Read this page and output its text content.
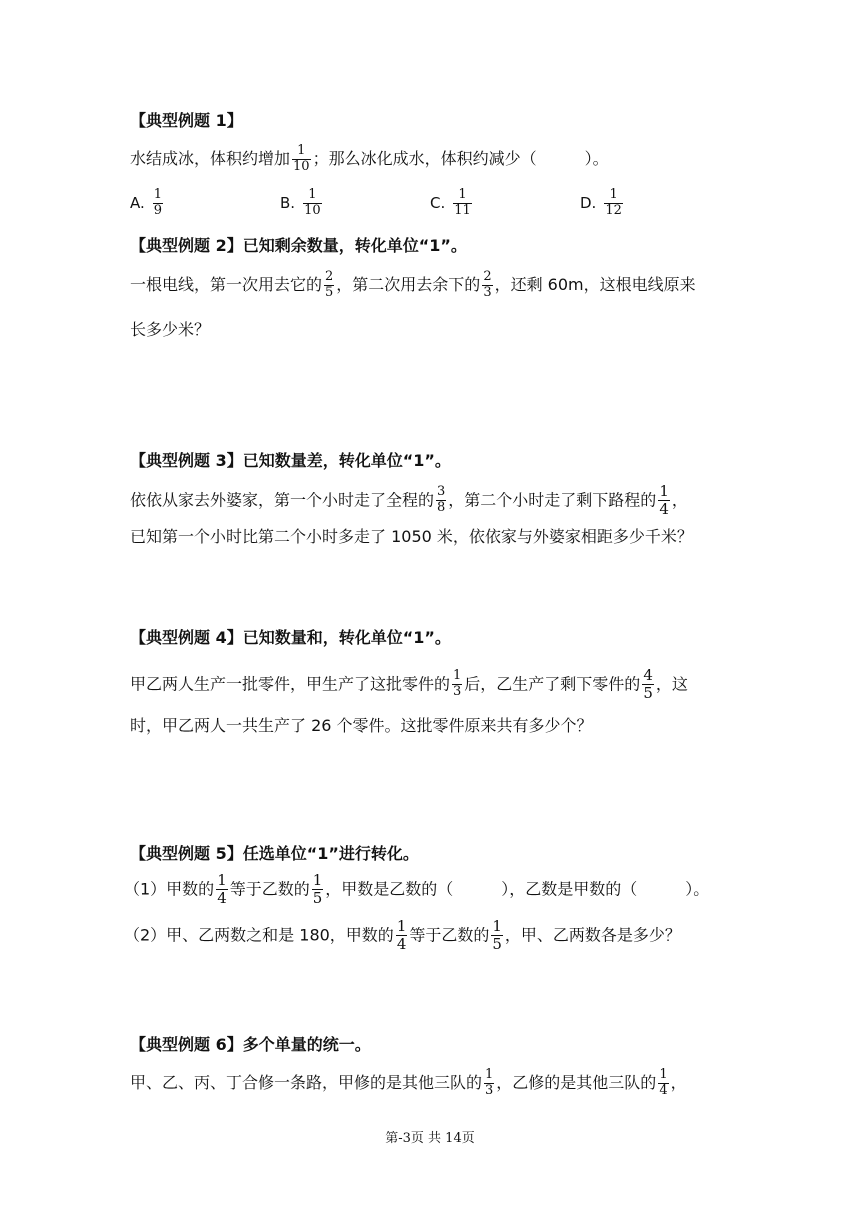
【典型例题 1】
水结成冰，体积约增加 $\frac{1}{10}$ ；那么冰化成水，体积约减少（　　　）。
A. $\frac{1}{9}$	B. $\frac{1}{10}$	C. $\frac{1}{11}$	D. $\frac{1}{12}$
【典型例题 2】已知剩余数量，转化单位“1”。
一根电线，第一次用去它的 $\frac{2}{5}$ ，第二次用去余下的 $\frac{2}{3}$ ，还剩 60m，这根电线原来
长多少米？
【典型例题 3】已知数量差，转化单位“1”。
依依从家去外婆家，第一个小时走了全程的 $\frac{3}{8}$ ，第二个小时走了剩下路程的 $\frac{1}{4}$ ，
已知第一个小时比第二个小时多走了 1050 米，依依家与外婆家相距多少千米？
【典型例题 4】已知数量和，转化单位“1”。
甲乙两人生产一批零件，甲生产了这批零件的 $\frac{1}{3}$ 后，乙生产了剩下零件的 $\frac{4}{5}$ ，这
时，甲乙两人一共生产了 26 个零件。这批零件原来共有多少个？
【典型例题 5】任选单位“1”进行转化。
（1）甲数的 $\frac{1}{4}$ 等于乙数的 $\frac{1}{5}$ ，甲数是乙数的（　　　），乙数是甲数的（　　　）。
（2）甲、乙两数之和是 180，甲数的 $\frac{1}{4}$ 等于乙数的 $\frac{1}{5}$ ，甲、乙两数各是多少？
【典型例题 6】多个单量的统一。
甲、乙、丙、丁合修一条路，甲修的是其他三队的 $\frac{1}{3}$ ，乙修的是其他三队的 $\frac{1}{4}$ ，
第-3页 共 14页
